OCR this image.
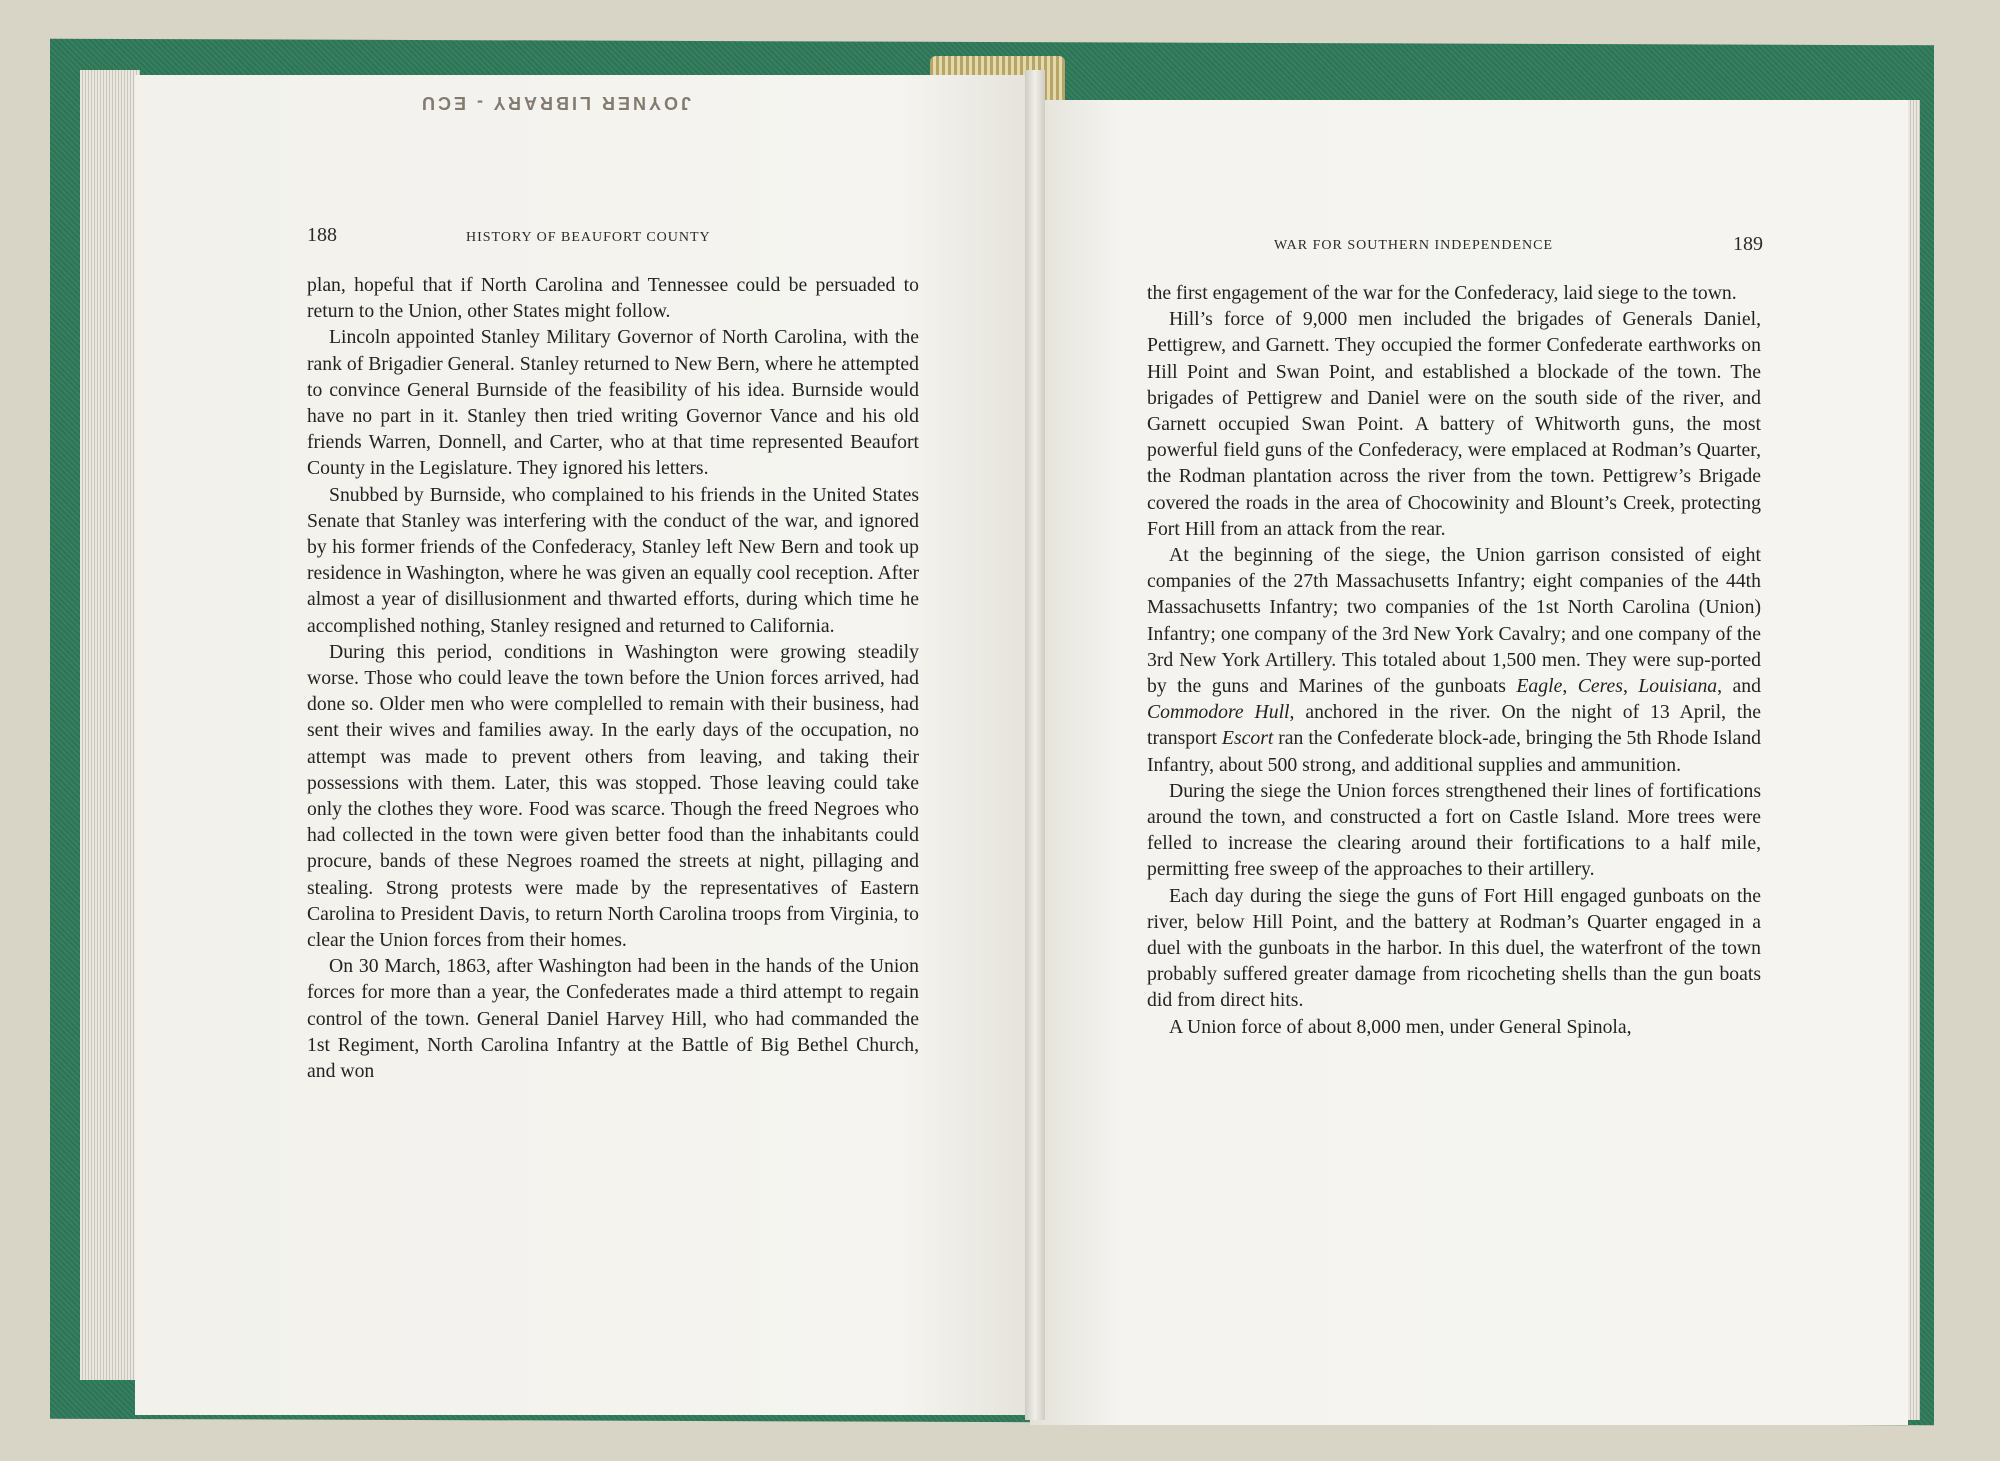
JOYNER LIBRARY - ECU
188	HISTORY OF BEAUFORT COUNTY

plan, hopeful that if North Carolina and Tennessee could be persuaded to return to the Union, other States might follow.

Lincoln appointed Stanley Military Governor of North Carolina, with the rank of Brigadier General. Stanley returned to New Bern, where he attempted to convince General Burnside of the feasibility of his idea. Burnside would have no part in it. Stanley then tried writing Governor Vance and his old friends Warren, Donnell, and Carter, who at that time represented Beaufort County in the Legislature. They ignored his letters.

Snubbed by Burnside, who complained to his friends in the United States Senate that Stanley was interfering with the conduct of the war, and ignored by his former friends of the Confederacy, Stanley left New Bern and took up residence in Washington, where he was given an equally cool reception. After almost a year of disillusionment and thwarted efforts, during which time he accomplished nothing, Stanley resigned and returned to California.

During this period, conditions in Washington were growing steadily worse. Those who could leave the town before the Union forces arrived, had done so. Older men who were complelled to remain with their business, had sent their wives and families away. In the early days of the occupation, no attempt was made to prevent others from leaving, and taking their possessions with them. Later, this was stopped. Those leaving could take only the clothes they wore. Food was scarce. Though the freed Negroes who had collected in the town were given better food than the inhabitants could procure, bands of these Negroes roamed the streets at night, pillaging and stealing. Strong protests were made by the representatives of Eastern Carolina to President Davis, to return North Carolina troops from Virginia, to clear the Union forces from their homes.

On 30 March, 1863, after Washington had been in the hands of the Union forces for more than a year, the Confederates made a third attempt to regain control of the town. General Daniel Harvey Hill, who had commanded the 1st Regiment, North Carolina Infantry at the Battle of Big Bethel Church, and won

WAR FOR SOUTHERN INDEPENDENCE	189

the first engagement of the war for the Confederacy, laid siege to the town.

Hill’s force of 9,000 men included the brigades of Generals Daniel, Pettigrew, and Garnett. They occupied the former Confederate earthworks on Hill Point and Swan Point, and established a blockade of the town. The brigades of Pettigrew and Daniel were on the south side of the river, and Garnett occupied Swan Point. A battery of Whitworth guns, the most powerful field guns of the Confederacy, were emplaced at Rodman’s Quarter, the Rodman plantation across the river from the town. Pettigrew’s Brigade covered the roads in the area of Chocowinity and Blount’s Creek, protecting Fort Hill from an attack from the rear.

At the beginning of the siege, the Union garrison consisted of eight companies of the 27th Massachusetts Infantry; eight companies of the 44th Massachusetts Infantry; two companies of the 1st North Carolina (Union) Infantry; one company of the 3rd New York Cavalry; and one company of the 3rd New York Artillery. This totaled about 1,500 men. They were sup-ported by the guns and Marines of the gunboats Eagle, Ceres, Louisiana, and Commodore Hull, anchored in the river. On the night of 13 April, the transport Escort ran the Confederate block-ade, bringing the 5th Rhode Island Infantry, about 500 strong, and additional supplies and ammunition.

During the siege the Union forces strengthened their lines of fortifications around the town, and constructed a fort on Castle Island. More trees were felled to increase the clearing around their fortifications to a half mile, permitting free sweep of the approaches to their artillery.

Each day during the siege the guns of Fort Hill engaged gunboats on the river, below Hill Point, and the battery at Rodman’s Quarter engaged in a duel with the gunboats in the harbor. In this duel, the waterfront of the town probably suffered greater damage from ricocheting shells than the gun boats did from direct hits.

A Union force of about 8,000 men, under General Spinola,
